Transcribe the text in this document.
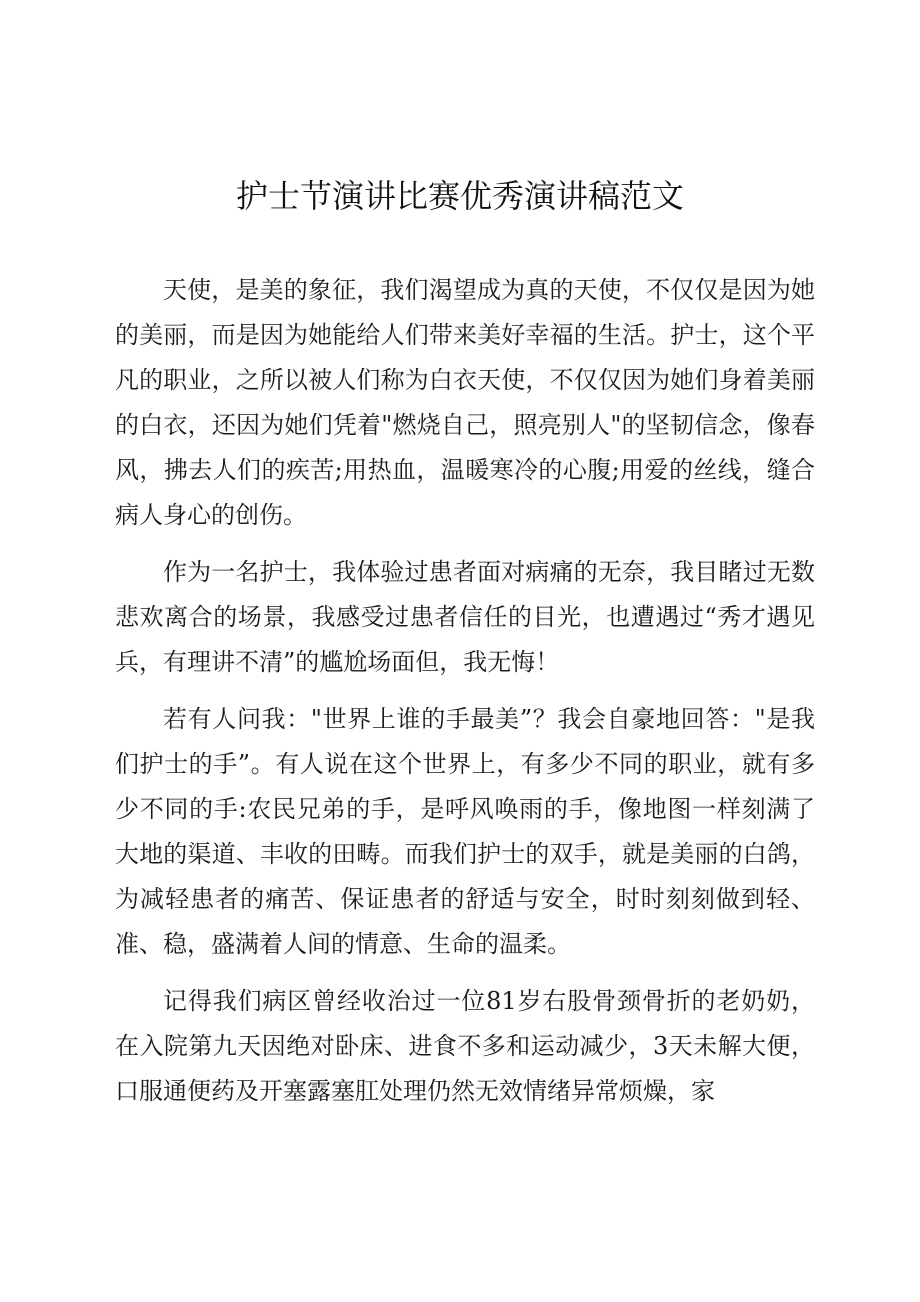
护士节演讲比赛优秀演讲稿范文

天使，是美的象征，我们渴望成为真的天使，不仅仅是因为她的美丽，而是因为她能给人们带来美好幸福的生活。护士，这个平凡的职业，之所以被人们称为白衣天使，不仅仅因为她们身着美丽的白衣，还因为她们凭着"燃烧自己，照亮别人"的坚韧信念，像春风，拂去人们的疾苦;用热血，温暖寒冷的心腹;用爱的丝线，缝合病人身心的创伤。

作为一名护士，我体验过患者面对病痛的无奈，我目睹过无数悲欢离合的场景，我感受过患者信任的目光，也遭遇过“秀才遇见兵，有理讲不清”的尴尬场面但，我无悔！

若有人问我："世界上谁的手最美”？我会自豪地回答："是我们护士的手”。有人说在这个世界上，有多少不同的职业，就有多少不同的手:农民兄弟的手，是呼风唤雨的手，像地图一样刻满了大地的渠道、丰收的田畴。而我们护士的双手，就是美丽的白鸽，为减轻患者的痛苦、保证患者的舒适与安全，时时刻刻做到轻、准、稳，盛满着人间的情意、生命的温柔。

记得我们病区曾经收治过一位81岁右股骨颈骨折的老奶奶，在入院第九天因绝对卧床、进食不多和运动减少，3天未解大便，口服通便药及开塞露塞肛处理仍然无效情绪异常烦燥，家
